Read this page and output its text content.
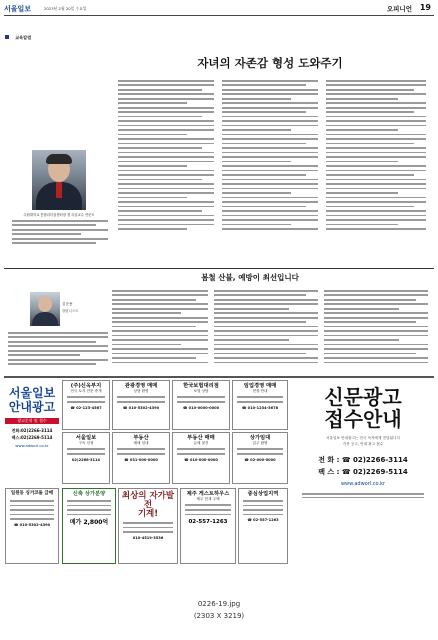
서울일보	2023년 2월 20일 수요일	오피니언 19
교육칼럼
자녀의 자존감 형성 도와주기
수원대학교 통합리더십센터장 겸 특임교수 안문도
봄철 산불, 예방이 최선입니다
김준용
칼럼니스트
서울일보
안내광고
광고문의 및 접수
전화:02)2266-3114
팩스:02)2269-5114
www.adworl.co.kr
(주)신옥부지
전국 토지 전문 중개
☎ 02-123-4567
관광경영 매매
상담 환영
☎ 010-5302-4390
한국보험대리점
보험 상담
☎ 010-0000-0000
임업경영 매매
현장 안내
☎ 010-1234-5678
서울일보
구독 신청
02)2266-3114
부동산
매매 임대
☎ 031-000-0000
부동산 매매
급매 물건
☎ 010-000-0000
상가임대
입주 환영
☎ 02-000-0000
일원동 싱거코돌 급매
☎ 010-5302-4390
신축 상가분양
매가 2,800억
최상의 자가발전
기계!
010-4519-3536
제주 게스트하우스
제주 현재 주택
02-557-1263
중심상업지역
☎ 02-557-1263
신문광고
접수안내
서울일보 안내광고는 전국 독자에게 전달됩니다
각종 공고, 안내 광고 접수
전 화 : ☎ 02)2266-3114
팩 스 : ☎ 02)2269-5114
www.adworl.co.kr
0226-19.jpg
(2303 X 3219)
